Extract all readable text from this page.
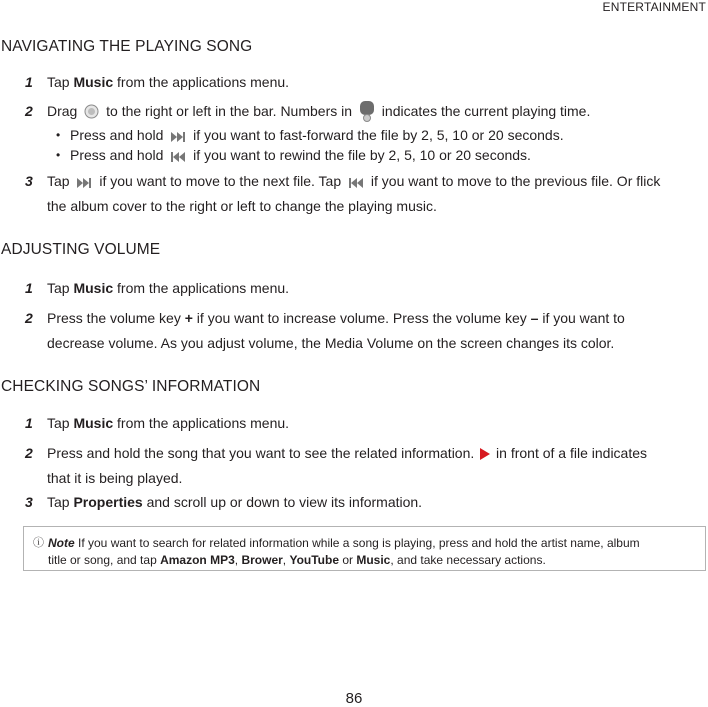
ENTERTAINMENT
NAVIGATING THE PLAYING SONG
1 Tap Music from the applications menu.
2 Drag  to the right or left in the bar. Numbers in  indicates the current playing time.
• Press and hold  if you want to fast-forward the file by 2, 5, 10 or 20 seconds.
• Press and hold  if you want to rewind the file by 2, 5, 10 or 20 seconds.
3 Tap  if you want to move to the next file. Tap  if you want to move to the previous file. Or flick
the album cover to the right or left to change the playing music.
ADJUSTING VOLUME
1 Tap Music from the applications menu.
2 Press the volume key + if you want to increase volume. Press the volume key – if you want to
decrease volume. As you adjust volume, the Media Volume on the screen changes its color.
CHECKING SONGS’ INFORMATION
1 Tap Music from the applications menu.
2 Press and hold the song that you want to see the related information.  in front of a file indicates
that it is being played.
3 Tap Properties and scroll up or down to view its information.
ⓘ Note If you want to search for related information while a song is playing, press and hold the artist name, album
title or song, and tap Amazon MP3, Brower, YouTube or Music, and take necessary actions.
86
